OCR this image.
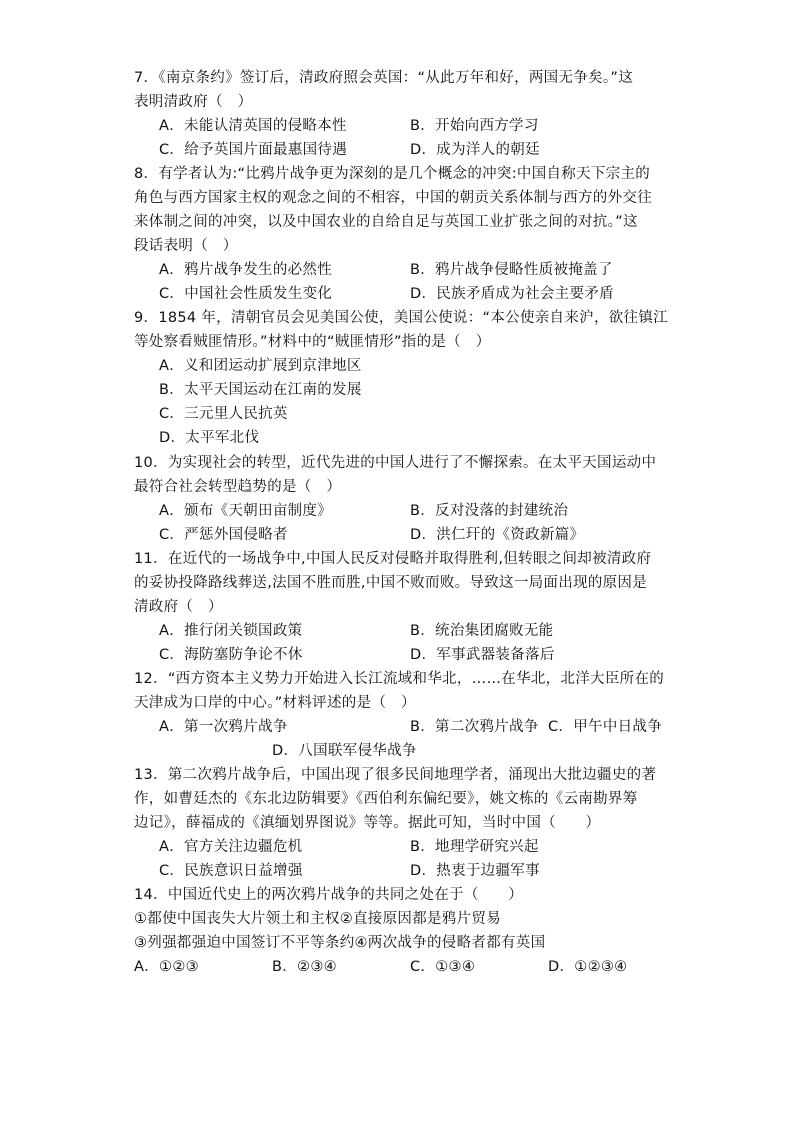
7．《南京条约》签订后，清政府照会英国：“从此万年和好，两国无争矣。”这
表明清政府（　）
A．未能认清英国的侵略本性	B．开始向西方学习
C．给予英国片面最惠国待遇	D．成为洋人的朝廷
8．有学者认为:“比鸦片战争更为深刻的是几个概念的冲突:中国自称天下宗主的
角色与西方国家主权的观念之间的不相容，中国的朝贡关系体制与西方的外交往
来体制之间的冲突，以及中国农业的自给自足与英国工业扩张之间的对抗。”这
段话表明（　）
A．鸦片战争发生的必然性	B．鸦片战争侵略性质被掩盖了
C．中国社会性质发生变化	D．民族矛盾成为社会主要矛盾
9．1854 年，清朝官员会见美国公使，美国公使说：“本公使亲自来沪，欲往镇江
等处察看贼匪情形。”材料中的“贼匪情形”指的是（　）
A．义和团运动扩展到京津地区
B．太平天国运动在江南的发展
C．三元里人民抗英
D．太平军北伐
10．为实现社会的转型，近代先进的中国人进行了不懈探索。在太平天国运动中
最符合社会转型趋势的是（　）
A．颁布《天朝田亩制度》	B．反对没落的封建统治
C．严惩外国侵略者	D．洪仁玕的《资政新篇》
11．在近代的一场战争中,中国人民反对侵略并取得胜利,但转眼之间却被清政府
的妥协投降路线葬送,法国不胜而胜,中国不败而败。导致这一局面出现的原因是
清政府（　）
A．推行闭关锁国政策	B．统治集团腐败无能
C．海防塞防争论不休	D．军事武器装备落后
12．“西方资本主义势力开始进入长江流域和华北，……在华北，北洋大臣所在的
天津成为口岸的中心。”材料评述的是（　）
A．第一次鸦片战争	B．第二次鸦片战争 C．甲午中日战争
D．八国联军侵华战争
13．第二次鸦片战争后，中国出现了很多民间地理学者，涌现出大批边疆史的著
作，如曹廷杰的《东北边防辑要》《西伯利东偏纪要》，姚文栋的《云南勘界筹
边记》，薛福成的《滇缅划界图说》等等。据此可知，当时中国（　　）
A．官方关注边疆危机	B．地理学研究兴起
C．民族意识日益增强	D．热衷于边疆军事
14．中国近代史上的两次鸦片战争的共同之处在于（　　）
①都使中国丧失大片领土和主权②直接原因都是鸦片贸易
③列强都强迫中国签订不平等条约④两次战争的侵略者都有英国
A．①②③	B．②③④	C．①③④	D．①②③④
